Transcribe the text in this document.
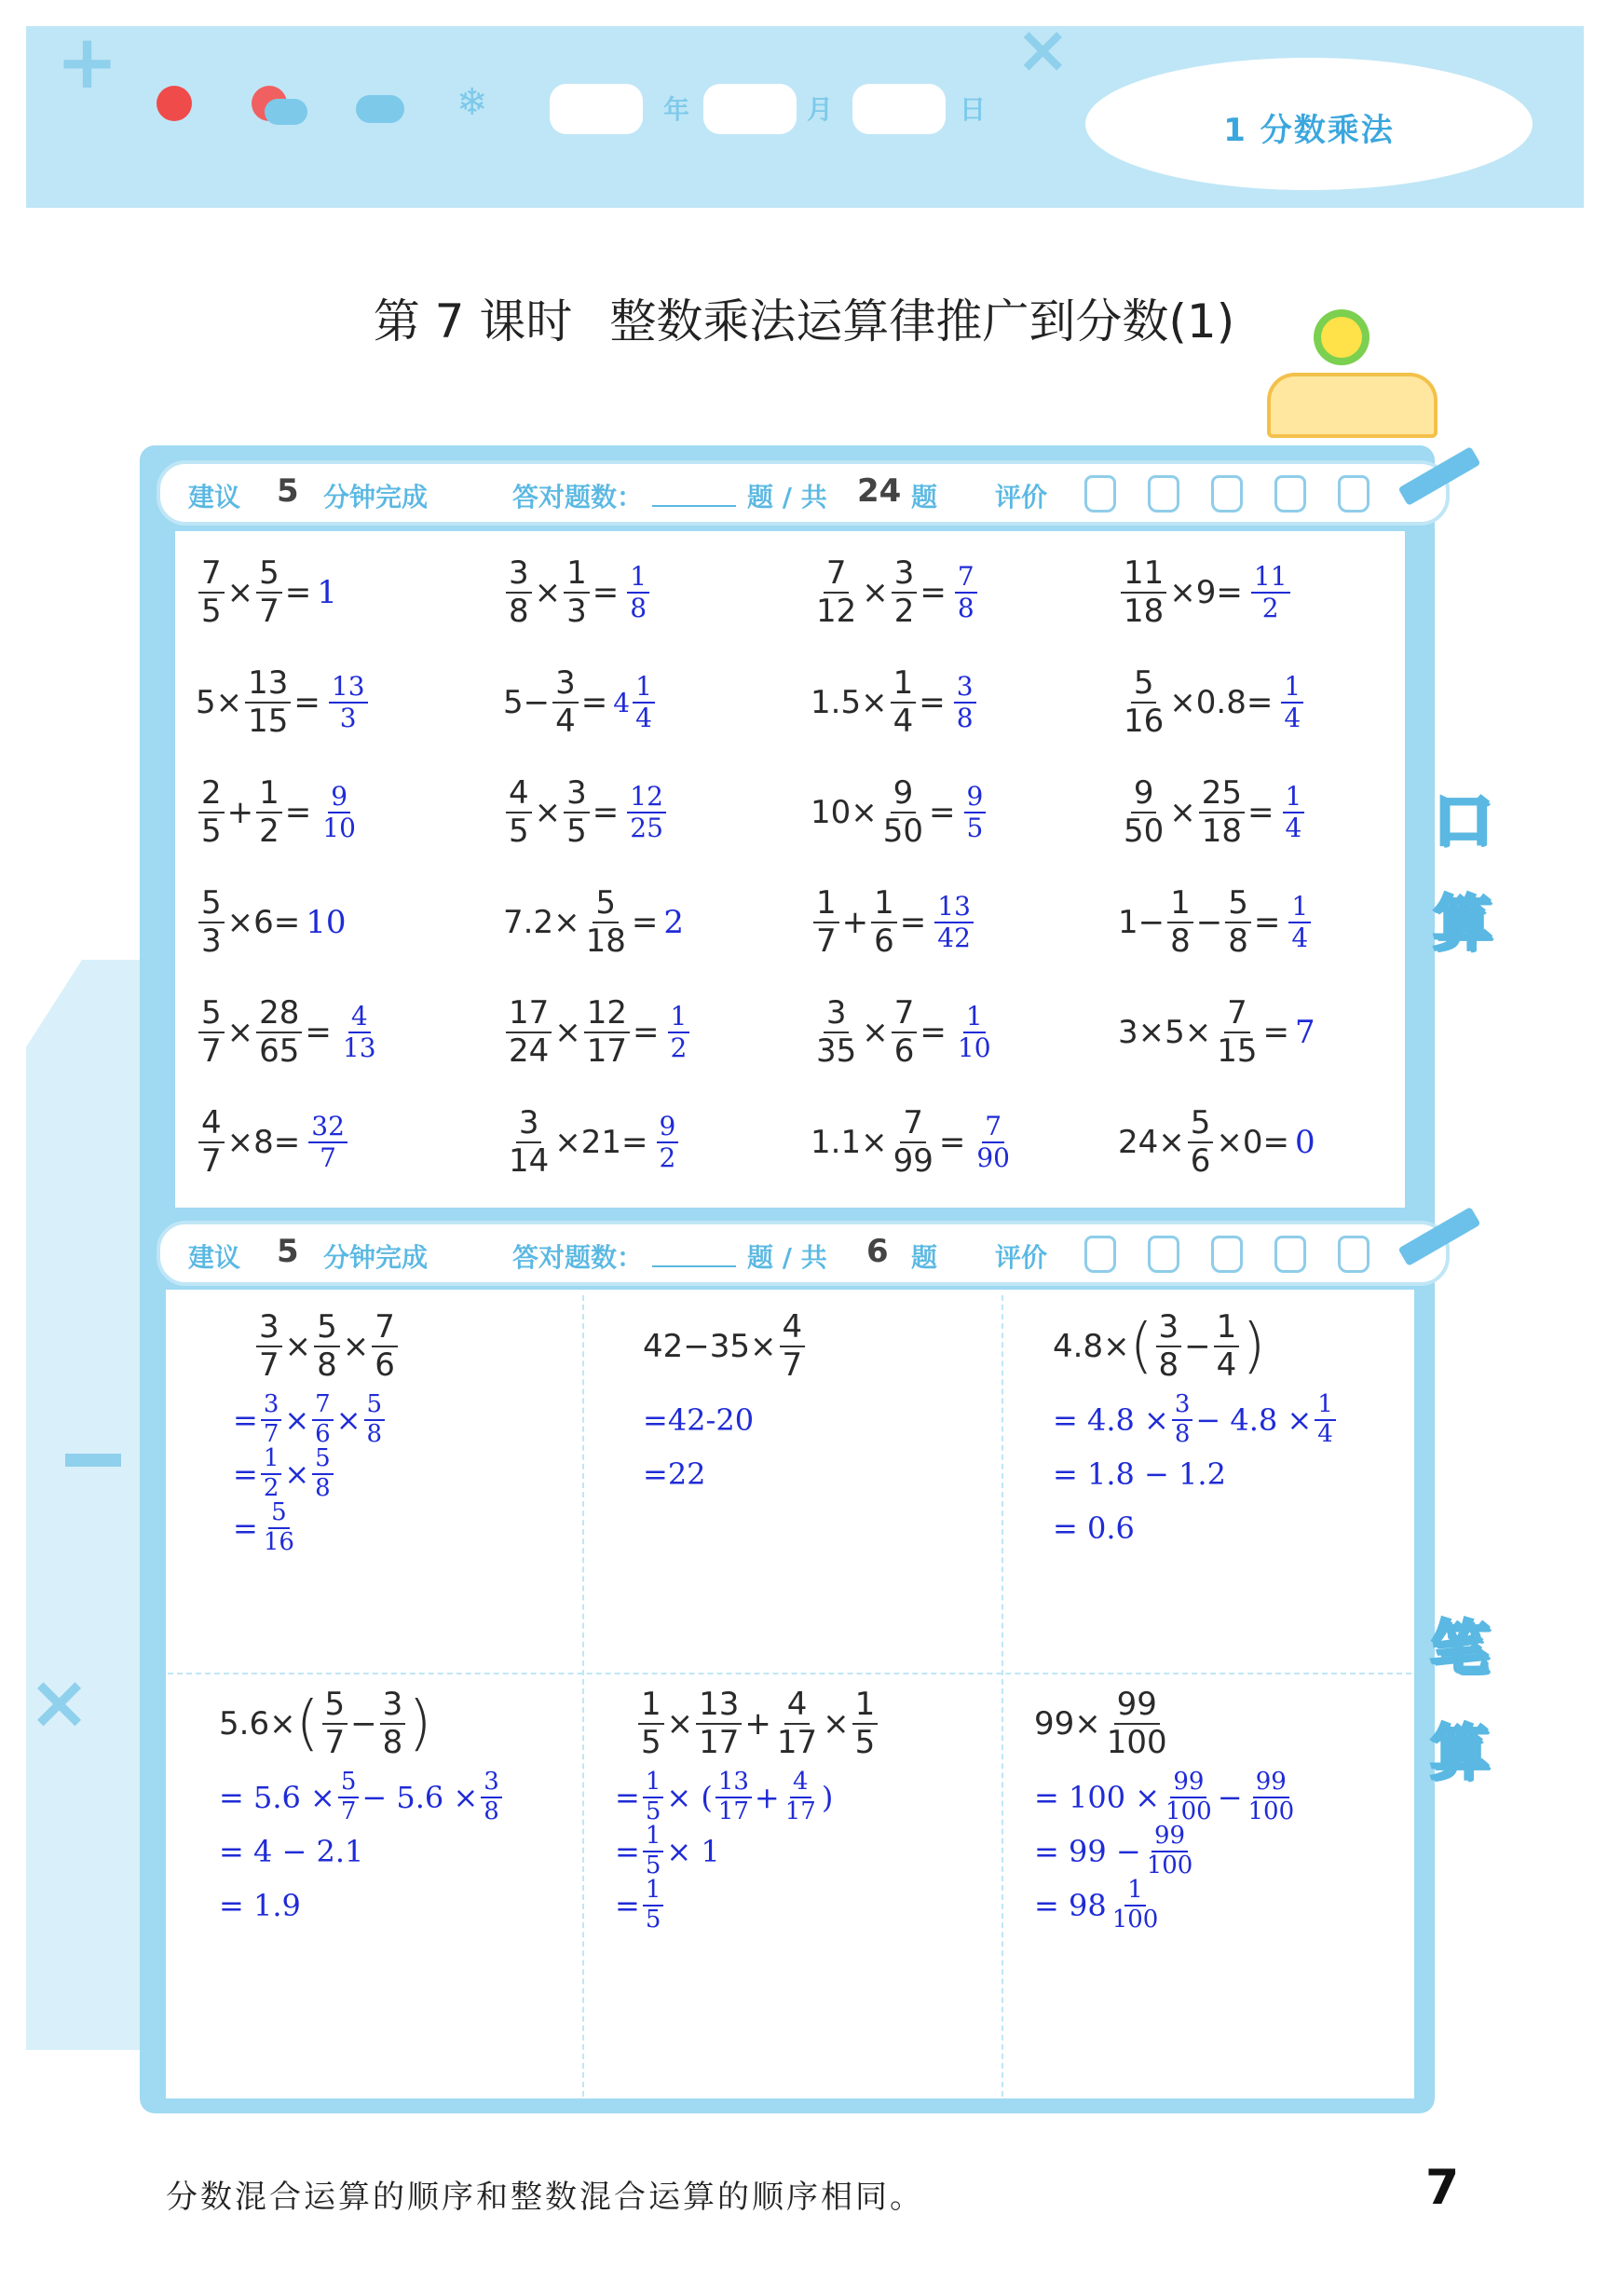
+	×
❄	年	月	日
1 分数乘法
第 7 课时 整数乘法运算律推广到分数(1)
×
建议 5 分钟完成	答对题数：	题 / 共 24 题 评价
$\frac{7}{5} \times \frac{5}{7} = 1$	$\frac{3}{8} \times \frac{1}{3} = \frac{1}{8}$	$\frac{7}{12} \times \frac{3}{2} = \frac{7}{8}$	$\frac{11}{18} \times 9= \frac{11}{2}$
$5\times \frac{13}{15} = \frac{13}{3}$	$5- \frac{3}{4} = 4 \frac{1}{4}$	$1.5\times \frac{1}{4} = \frac{3}{8}$	$\frac{5}{16} \times 0.8= \frac{1}{4}$
$\frac{2}{5} + \frac{1}{2} = \frac{9}{10}$	$\frac{4}{5} \times \frac{3}{5} = \frac{12}{25}$	$10\times \frac{9}{50} = \frac{9}{5}$	$\frac{9}{50} \times \frac{25}{18} = \frac{1}{4}$
$\frac{5}{3} \times 6= 10$	$7.2\times \frac{5}{18} = 2$	$\frac{1}{7} + \frac{1}{6} = \frac{13}{42}$	$1- \frac{1}{8} - \frac{5}{8} = \frac{1}{4}$
$\frac{5}{7} \times \frac{28}{65} = \frac{4}{13}$	$\frac{17}{24} \times \frac{12}{17} = \frac{1}{2}$	$\frac{3}{35} \times \frac{7}{6} = \frac{1}{10}$	$3\times 5\times \frac{7}{15} = 7$
$\frac{4}{7} \times 8= \frac{32}{7}$	$\frac{3}{14} \times 21= \frac{9}{2}$	$1.1\times \frac{7}{99} = \frac{7}{90}$	$24\times \frac{5}{6} \times 0= 0$
口
算
建议 5 分钟完成	答对题数：	题 / 共 6 题 评价
$\frac{3}{7} \times \frac{5}{8} \times \frac{7}{6}$
= $\frac{3}{7} \times \frac{7}{6} \times \frac{5}{8}$
= $\frac{1}{2} \times \frac{5}{8}$
= $\frac{5}{16}$
$42-35\times \frac{4}{7}$
=42-20
=22
4.8× ( $\frac{3}{8} - \frac{1}{4}$ )
= $4.8 \times \frac{3}{8} - 4.8 \times \frac{1}{4}$
= 1.8 − 1.2
= 0.6
5.6× ( $\frac{5}{7} - \frac{3}{8}$ )
= $5.6 \times \frac{5}{7} - 5.6 \times \frac{3}{8}$
= 4 − 2.1
= 1.9
$\frac{1}{5} \times \frac{13}{17} + \frac{4}{17} \times \frac{1}{5}$
= $\frac{1}{5}$ × ( $\frac{13}{17} + \frac{4}{17}$ )
= $\frac{1}{5} \times 1$
= $\frac{1}{5}$
$99\times \frac{99}{100}$
= $100 \times \frac{99}{100} - \frac{99}{100}$
= $99 - \frac{99}{100}$
= $98 \frac{1}{100}$
笔
算
分数混合运算的顺序和整数混合运算的顺序相同。	7
